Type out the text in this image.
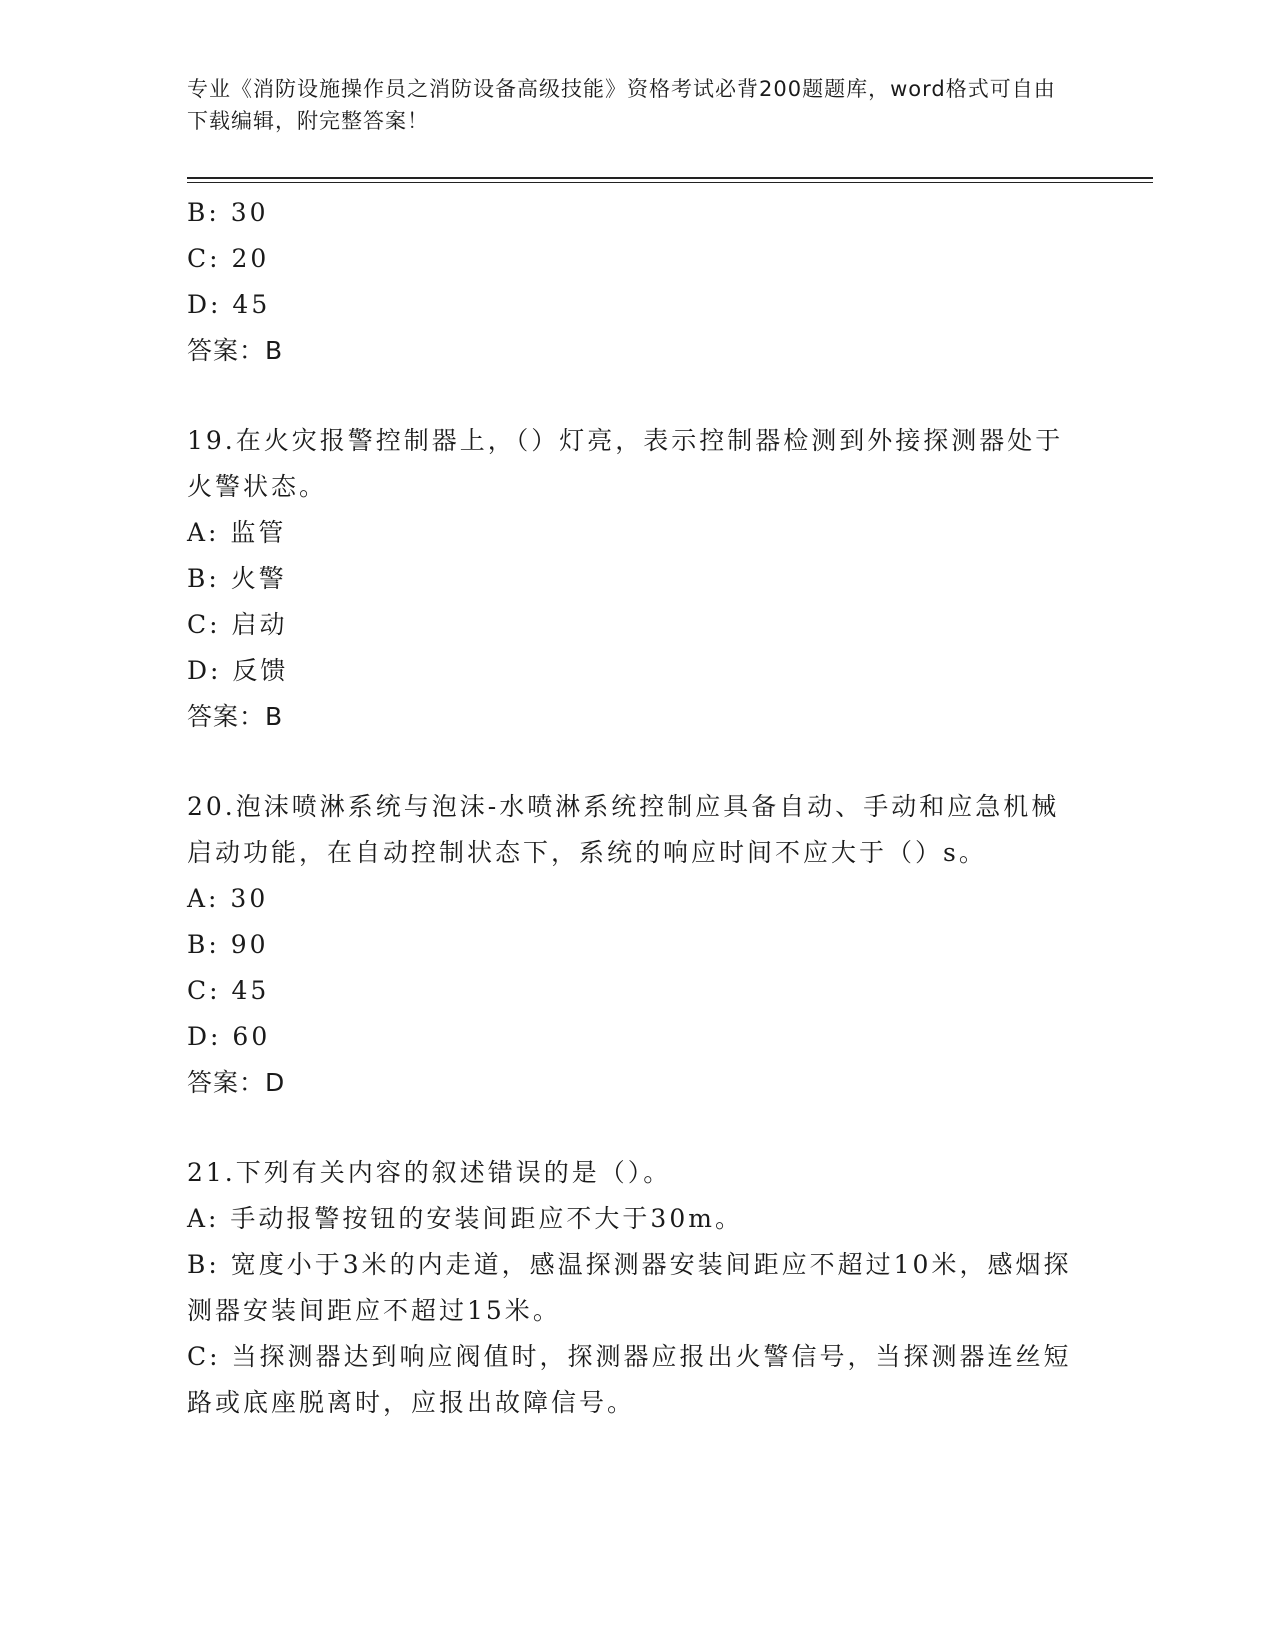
专业《消防设施操作员之消防设备高级技能》资格考试必背200题题库，word格式可自由下载编辑，附完整答案！

B: 30

C: 20

D: 45

答案：B

19.在火灾报警控制器上，（）灯亮，表示控制器检测到外接探测器处于火警状态。

A: 监管

B: 火警

C: 启动

D: 反馈

答案：B

20.泡沫喷淋系统与泡沫-水喷淋系统控制应具备自动、手动和应急机械启动功能，在自动控制状态下，系统的响应时间不应大于（）s。

A: 30

B: 90

C: 45

D: 60

答案：D

21.下列有关内容的叙述错误的是（）。

A: 手动报警按钮的安装间距应不大于30m。

B: 宽度小于3米的内走道，感温探测器安装间距应不超过10米，感烟探测器安装间距应不超过15米。

C: 当探测器达到响应阀值时，探测器应报出火警信号，当探测器连丝短路或底座脱离时，应报出故障信号。
